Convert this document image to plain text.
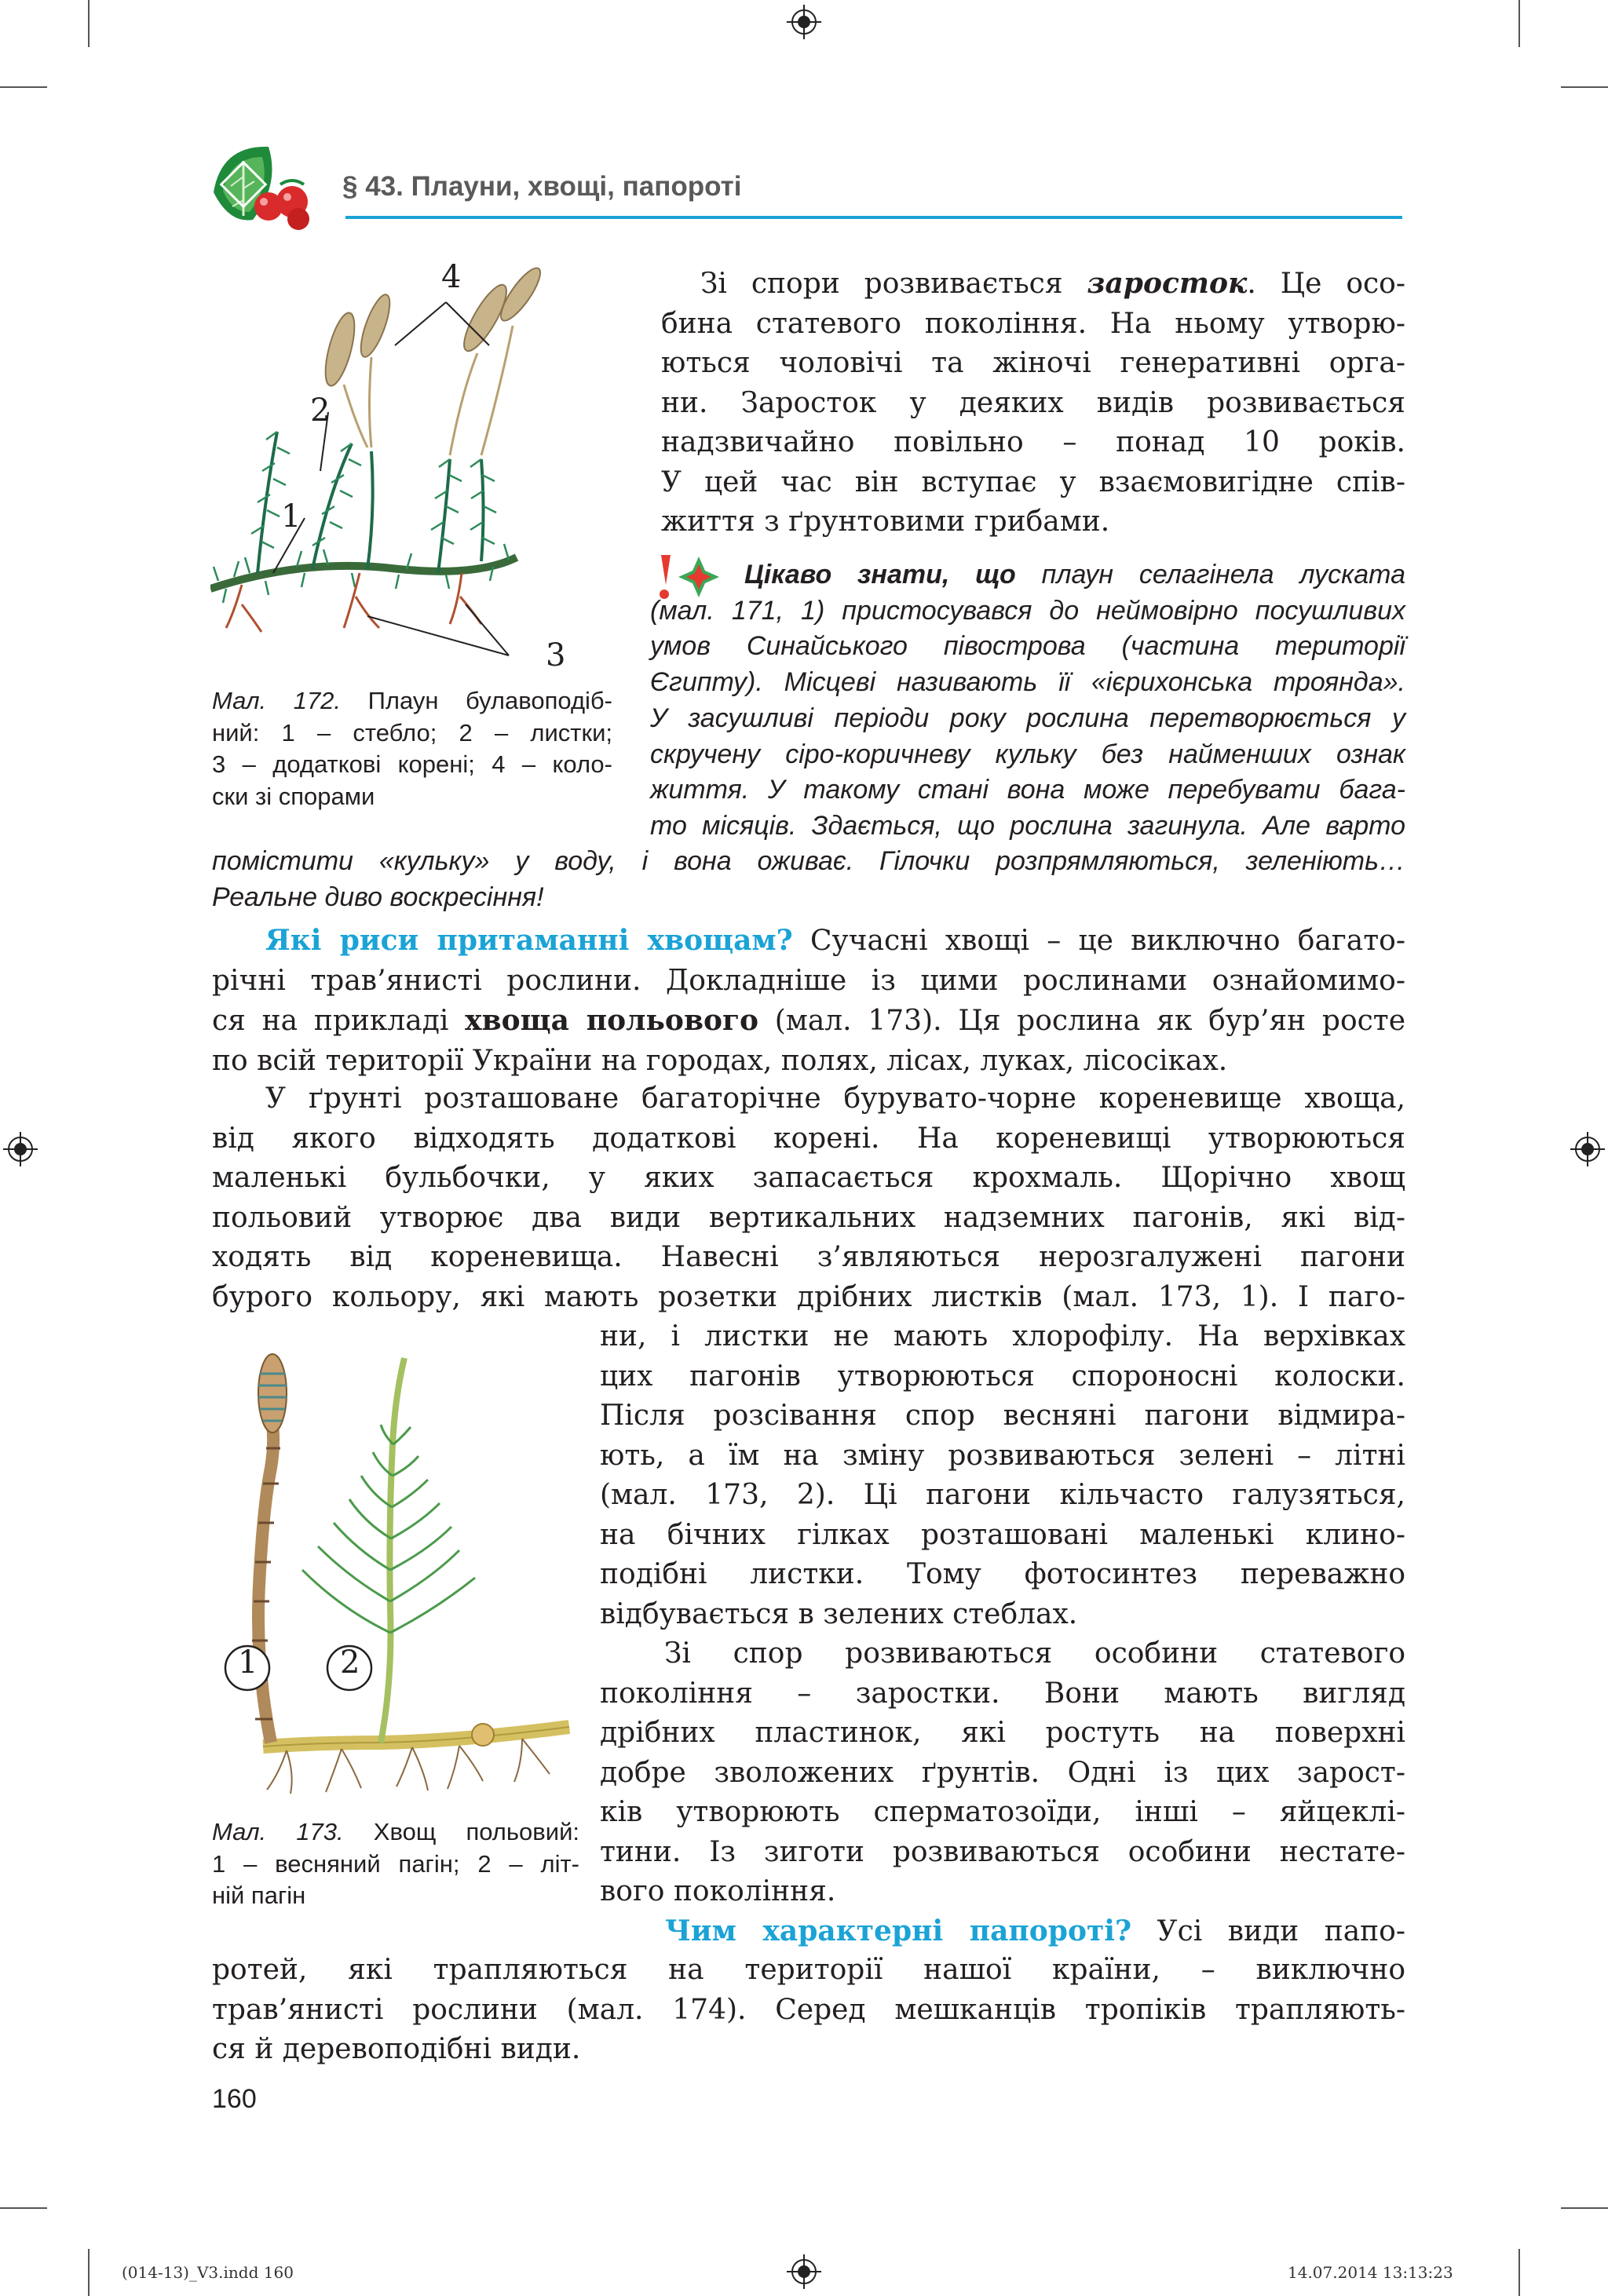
§ 43. Плауни, хвощі, папороті
4
2
1
3
Мал. 172. Плаун булавоподіб-
ний: 1 – стебло; 2 – листки;
3 – додаткові корені; 4 – коло-
ски зі спорами
Зі спори розвивається заросток. Це осо-
бина статевого покоління. На ньому утворю-
ються чоловічі та жіночі генеративні орга-
ни. Заросток у деяких видів розвивається
надзвичайно повільно – понад 10 років.
У цей час він вступає у взаємовигідне спів-
життя з ґрунтовими грибами.
Цікаво знати, що плаун селагінела луската
(мал. 171, 1) пристосувався до неймовірно посушливих
умов Синайського півострова (частина території
Єгипту). Місцеві називають її «ієрихонська троянда».
У засушливі періоди року рослина перетворюється у
скручену сіро-коричневу кульку без найменших ознак
життя. У такому стані вона може перебувати бага-
то місяців. Здається, що рослина загинула. Але варто
помістити «кульку» у воду, і вона оживає. Гілочки розпрямляються, зеленіють…
Реальне диво воскресіння!
Які риси притаманні хвощам? Сучасні хвощі – це виключно багато-
річні трав’янисті рослини. Докладніше із цими рослинами ознайомимо-
ся на прикладі хвоща польового (мал. 173). Ця рослина як бур’ян росте
по всій території України на городах, полях, лісах, луках, лісосіках.
У ґрунті розташоване багаторічне бурувато-чорне кореневище хвоща,
від якого відходять додаткові корені. На кореневищі утворюються
маленькі бульбочки, у яких запасається крохмаль. Щорічно хвощ
польовий утворює два види вертикальних надземних пагонів, які від-
ходять від кореневища. Навесні з’являються нерозгалужені пагони
бурого кольору, які мають розетки дрібних листків (мал. 173, 1). І паго-
ни, і листки не мають хлорофілу. На верхівках
цих пагонів утворюються спороносні колоски.
Після розсівання спор весняні пагони відмира-
ють, а їм на зміну розвиваються зелені – літні
(мал. 173, 2). Ці пагони кільчасто галузяться,
на бічних гілках розташовані маленькі клино-
подібні листки. Тому фотосинтез переважно
відбувається в зелених стеблах.
Зі спор розвиваються особини статевого
покоління – заростки. Вони мають вигляд
дрібних пластинок, які ростуть на поверхні
добре зволожених ґрунтів. Одні із цих зарост-
ків утворюють сперматозоїди, інші – яйцеклі-
тини. Із зиготи розвиваються особини нестате-
вого покоління.
1	2
Мал. 173. Хвощ польовий:
1 – весняний пагін; 2 – літ-
ній пагін
Чим характерні папороті? Усі види папо-
ротей, які трапляються на території нашої країни, – виключно
трав’янисті рослини (мал. 174). Серед мешканців тропіків трапляють-
ся й деревоподібні види.
160
(014-13)_V3.indd 160	14.07.2014 13:13:23
